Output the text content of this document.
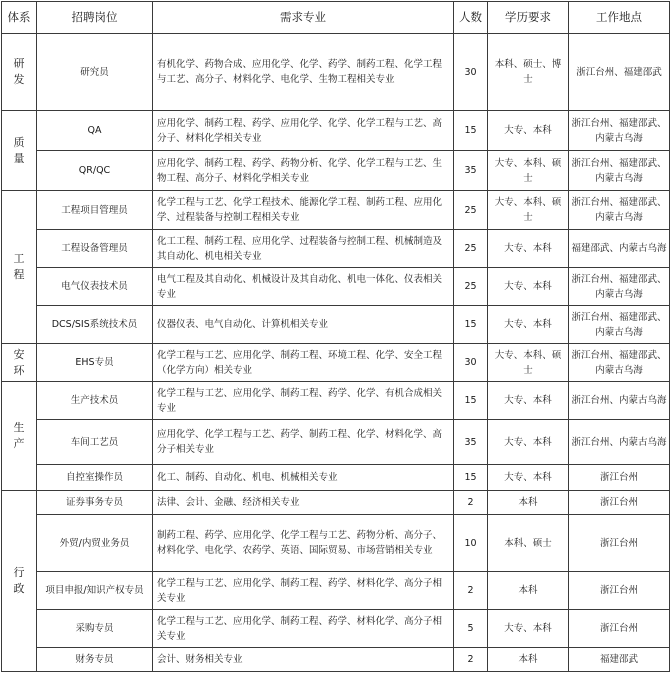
体系	招聘岗位	需求专业	人数	学历要求	工作地点

研
发	研究员	有机化学、药物合成、应用化学、化学、药学、制药工程、化学工程与工艺、高分子、材料化学、电化学、生物工程相关专业	30	本科、硕士、博士	浙江台州、福建邵武

质
量	QA	应用化学、制药工程、药学、应用化学、化学、化学工程与工艺、高分子、材料化学相关专业	15	大专、本科	浙江台州、福建邵武、内蒙古乌海
	QR/QC	应用化学、制药工程、药学、药物分析、化学、化学工程与工艺、生物工程、高分子、材料化学相关专业	35	大专、本科、硕士	浙江台州、福建邵武、内蒙古乌海

工
程	工程项目管理员	化学工程与工艺、化学工程技术、能源化学工程、制药工程、应用化学、过程装备与控制工程相关专业	25	大专、本科、硕士	浙江台州、福建邵武、内蒙古乌海
	工程设备管理员	化工工程、制药工程、应用化学、过程装备与控制工程、机械制造及其自动化、机电相关专业	25	大专、本科	福建邵武、内蒙古乌海
	电气仪表技术员	电气工程及其自动化、机械设计及其自动化、机电一体化、仪表相关专业	25	大专、本科	浙江台州、福建邵武、内蒙古乌海
	DCS/SIS系统技术员	仪器仪表、电气自动化、计算机相关专业	15	大专、本科	浙江台州、福建邵武、内蒙古乌海

安
环	EHS专员	化学工程与工艺、应用化学、制药工程、环境工程、化学、安全工程（化学方向）相关专业	30	大专、本科、硕士	浙江台州、福建邵武、内蒙古乌海

生
产	生产技术员	化学工程与工艺、应用化学、制药工程、药学、化学、有机合成相关专业	15	大专、本科	浙江台州、内蒙古乌海
	车间工艺员	应用化学、化学工程与工艺、药学、制药工程、化学、材料化学、高分子相关专业	35	大专、本科	浙江台州、内蒙古乌海
	自控室操作员	化工、制药、自动化、机电、机械相关专业	15	大专、本科	浙江台州

行
政	证券事务专员	法律、会计、金融、经济相关专业	2	本科	浙江台州
	外贸/内贸业务员	制药工程、药学、应用化学、化学工程与工艺、药物分析、高分子、材料化学、电化学、农药学、英语、国际贸易、市场营销相关专业	10	本科、硕士	浙江台州
	项目申报/知识产权专员	化学工程与工艺、应用化学、制药工程、药学、材料化学、高分子相关专业	2	本科	浙江台州
	采购专员	化学工程与工艺、应用化学、制药工程、药学、材料化学、高分子相关专业	5	大专、本科	浙江台州
	财务专员	会计、财务相关专业	2	本科	福建邵武
